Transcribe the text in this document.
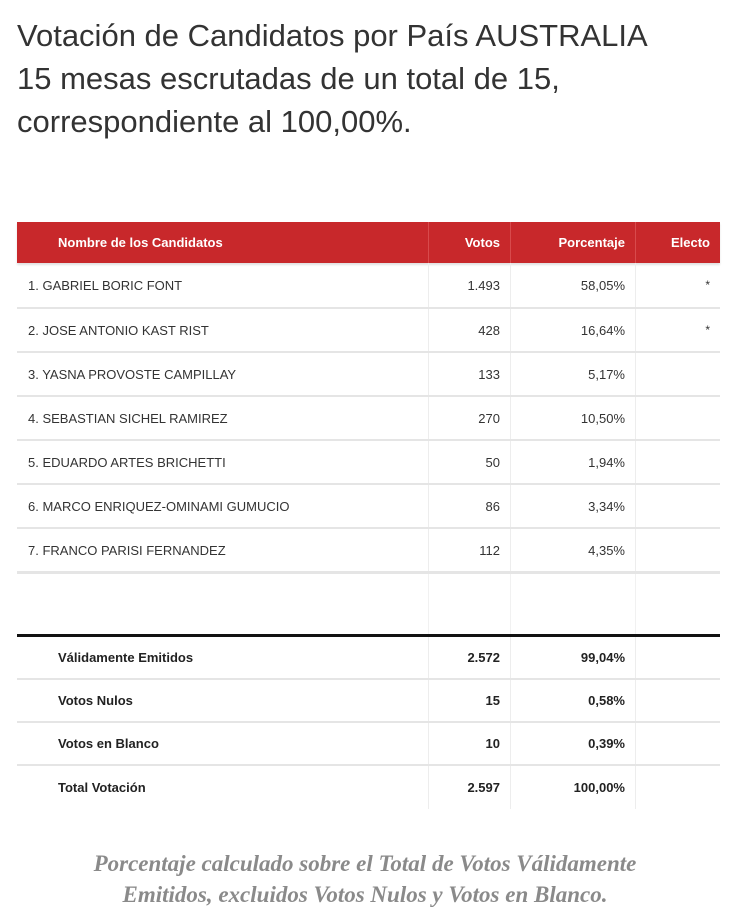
Votación de Candidatos por País AUSTRALIA
15 mesas escrutadas de un total de 15,
correspondiente al 100,00%.
Nombre de los Candidatos	Votos	Porcentaje	Electo
1. GABRIEL BORIC FONT	1.493	58,05%	*
2. JOSE ANTONIO KAST RIST	428	16,64%	*
3. YASNA PROVOSTE CAMPILLAY	133	5,17%
4. SEBASTIAN SICHEL RAMIREZ	270	10,50%
5. EDUARDO ARTES BRICHETTI	50	1,94%
6. MARCO ENRIQUEZ-OMINAMI GUMUCIO	86	3,34%
7. FRANCO PARISI FERNANDEZ	112	4,35%
Válidamente Emitidos	2.572	99,04%
Votos Nulos	15	0,58%
Votos en Blanco	10	0,39%
Total Votación	2.597	100,00%

Porcentaje calculado sobre el Total de Votos Válidamente
Emitidos, excluidos Votos Nulos y Votos en Blanco.
